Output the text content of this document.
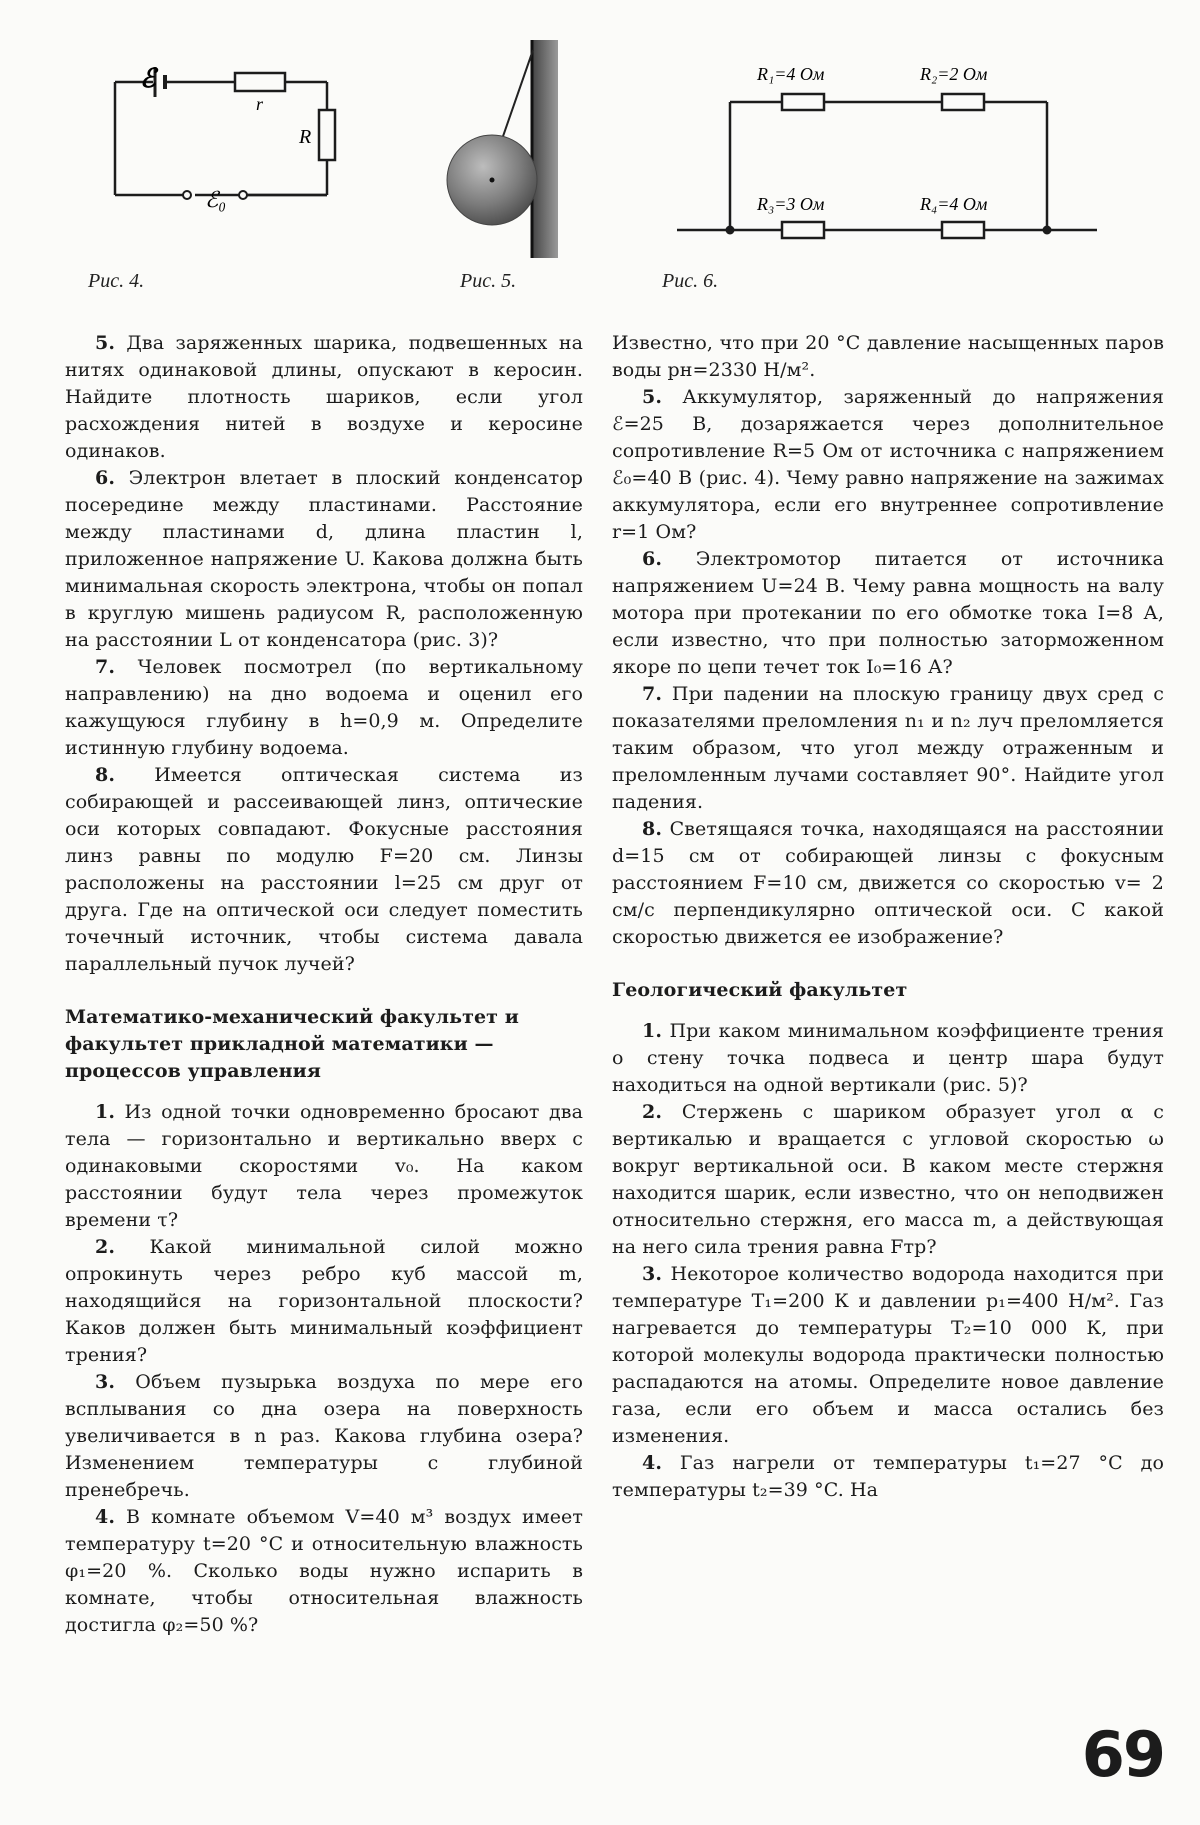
ℰ
r
R
ℰ₀
Рис. 4.	Рис. 5.
R₁=4 Ом	R₂=2 Ом
R₃=3 Ом	R₄=4 Ом
Рис. 6.

5. Два заряженных шарика, подвешенных на нитях одинаковой длины, опускают в керосин. Найдите плотность шариков, если угол расхождения нитей в воздухе и керосине одинаков.

6. Электрон влетает в плоский конденсатор посередине между пластинами. Расстояние между пластинами d, длина пластин l, приложенное напряжение U. Какова должна быть минимальная скорость электрона, чтобы он попал в круглую мишень радиусом R, расположенную на расстоянии L от конденсатора (рис. 3)?

7. Человек посмотрел (по вертикальному направлению) на дно водоема и оценил его кажущуюся глубину в h=0,9 м. Определите истинную глубину водоема.

8. Имеется оптическая система из собирающей и рассеивающей линз, оптические оси которых совпадают. Фокусные расстояния линз равны по модулю F=20 см. Линзы расположены на расстоянии l=25 см друг от друга. Где на оптической оси следует поместить точечный источник, чтобы система давала параллельный пучок лучей?

Математико-механический факультет и факультет прикладной математики — процессов управления

1. Из одной точки одновременно бросают два тела — горизонтально и вертикально вверх с одинаковыми скоростями v₀. На каком расстоянии будут тела через промежуток времени τ?

2. Какой минимальной силой можно опрокинуть через ребро куб массой m, находящийся на горизонтальной плоскости? Каков должен быть минимальный коэффициент трения?

3. Объем пузырька воздуха по мере его всплывания со дна озера на поверхность увеличивается в n раз. Какова глубина озера? Изменением температуры с глубиной пренебречь.

4. В комнате объемом V=40 м³ воздух имеет температуру t=20 °C и относительную влажность φ₁=20 %. Сколько воды нужно испарить в комнате, чтобы относительная влажность достигла φ₂=50 %?

Известно, что при 20 °C давление насыщенных паров воды pн=2330 Н/м².

5. Аккумулятор, заряженный до напряжения ℰ=25 В, дозаряжается через дополнительное сопротивление R=5 Ом от источника с напряжением ℰ₀=40 В (рис. 4). Чему равно напряжение на зажимах аккумулятора, если его внутреннее сопротивление r=1 Ом?

6. Электромотор питается от источника напряжением U=24 В. Чему равна мощность на валу мотора при протекании по его обмотке тока I=8 А, если известно, что при полностью заторможенном якоре по цепи течет ток I₀=16 А?

7. При падении на плоскую границу двух сред с показателями преломления n₁ и n₂ луч преломляется таким образом, что угол между отраженным и преломленным лучами составляет 90°. Найдите угол падения.

8. Светящаяся точка, находящаяся на расстоянии d=15 см от собирающей линзы с фокусным расстоянием F=10 см, движется со скоростью v= 2 см/с перпендикулярно оптической оси. С какой скоростью движется ее изображение?

Геологический факультет

1. При каком минимальном коэффициенте трения о стену точка подвеса и центр шара будут находиться на одной вертикали (рис. 5)?

2. Стержень с шариком образует угол α с вертикалью и вращается с угловой скоростью ω вокруг вертикальной оси. В каком месте стержня находится шарик, если известно, что он неподвижен относительно стержня, его масса m, а действующая на него сила трения равна Fтр?

3. Некоторое количество водорода находится при температуре T₁=200 К и давлении p₁=400 Н/м². Газ нагревается до температуры T₂=10 000 К, при которой молекулы водорода практически полностью распадаются на атомы. Определите новое давление газа, если его объем и масса остались без изменения.

4. Газ нагрели от температуры t₁=27 °C до температуры t₂=39 °C. На

69
